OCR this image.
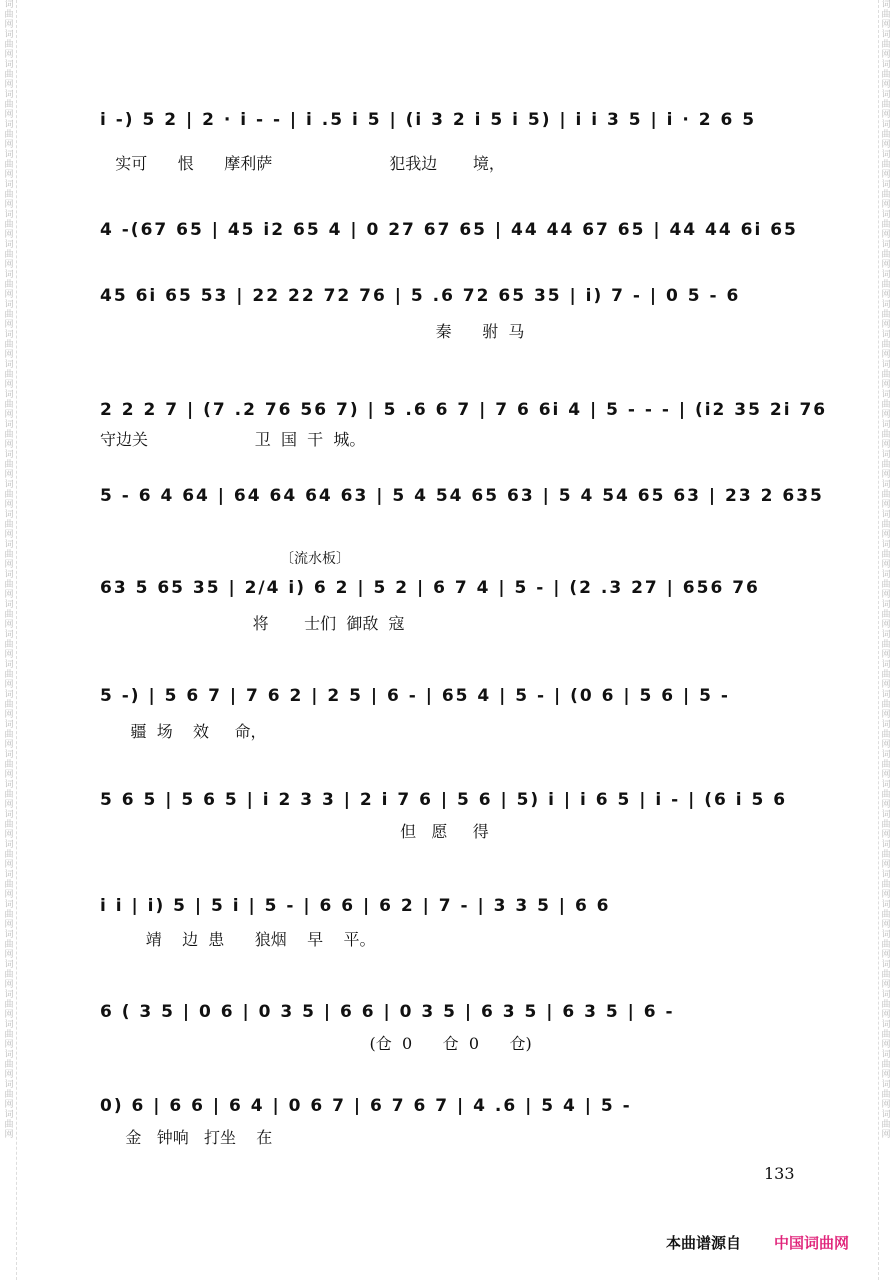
词曲网词曲网词曲网词曲网词曲网词曲网词曲网词曲网词曲网词曲网词曲网词曲网词曲网词曲网词曲网词曲网词曲网词曲网词曲网词曲网词曲网词曲网词曲网词曲网词曲网词曲网词曲网词曲网词曲网词曲网词曲网词曲网词曲网词曲网词曲网词曲网词曲网词曲网
词曲网词曲网词曲网词曲网词曲网词曲网词曲网词曲网词曲网词曲网词曲网词曲网词曲网词曲网词曲网词曲网词曲网词曲网词曲网词曲网词曲网词曲网词曲网词曲网词曲网词曲网词曲网词曲网词曲网词曲网词曲网词曲网词曲网词曲网词曲网词曲网词曲网词曲网
i -) 5 2 | 2 · i - - | i .5 i 5 | (i 3 2 i 5 i 5) | i i 3 5 | i · 2 6 5
实可      恨      摩利萨                       犯我边       境，
4 -(67 65 | 45 i2 65 4 | 0 27 67 65 | 44 44 67 65 | 44 44 6i 65
45 6i 65 53 | 22 22 72 76 | 5 .6 72 65 35 | i) 7 - | 0 5 - 6
秦      驸  马
2 2 2 7 | (7 .2 76 56 7) | 5 .6 6 7 | 7 6 6i 4 | 5 - - - | (i2 35 2i 76
守边关                     卫  国  干  城。
5 - 6 4 64 | 64 64 64 63 | 5 4 54 65 63 | 5 4 54 65 63 | 23 2 635
〔流水板〕
63 5 65 35 | 2/4 i) 6 2 | 5 2 | 6 7 4 | 5 - | (2 .3 27 | 656 76
将       士们  御敌  寇
5 -) | 5 6 7 | 7 6 2 | 2 5 | 6 - | 65 4 | 5 - | (0 6 | 5 6 | 5 -
疆  场    效     命，
5 6 5 | 5 6 5 | i 2 3 3 | 2 i 7 6 | 5 6 | 5) i | i 6 5 | i - | (6 i 5 6
但   愿     得
i i | i) 5 | 5 i | 5 - | 6 6 | 6 2 | 7 - | 3 3 5 | 6 6
靖    边  患      狼烟    早    平。
6 ( 3 5 | 0 6 | 0 3 5 | 6 6 | 0 3 5 | 6 3 5 | 6 3 5 | 6 -
(仓  0      仓  0      仓)
0) 6 | 6 6 | 6 4 | 0 6 7 | 6 7 6 7 | 4 .6 | 5 4 | 5 -
金   钟响   打坐    在
133
本曲谱源自 中国词曲网
